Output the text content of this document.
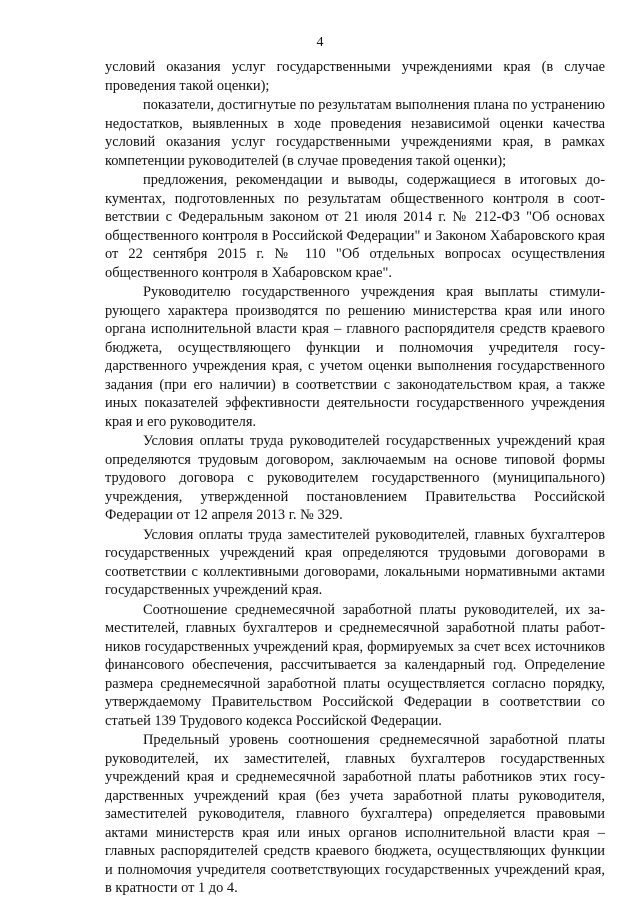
4

условий оказания услуг государственными учреждениями края (в случае проведения такой оценки);

показатели, достигнутые по результатам выполнения плана по устранению недостатков, выявленных в ходе проведения независимой оценки качества условий оказания услуг государственными учреждениями края, в рамках компетенции руководителей (в случае проведения такой оценки);

предложения, рекомендации и выводы, содержащиеся в итоговых документах, подготовленных по результатам общественного контроля в соответствии с Федеральным законом от 21 июля 2014 г. № 212-ФЗ "Об основах общественного контроля в Российской Федерации" и Законом Хабаровского края от 22 сентября 2015 г. № 110 "Об отдельных вопросах осуществления общественного контроля в Хабаровском крае".

Руководителю государственного учреждения края выплаты стимулирующего характера производятся по решению министерства края или иного органа исполнительной власти края – главного распорядителя средств краевого бюджета, осуществляющего функции и полномочия учредителя государственного учреждения края, с учетом оценки выполнения государственного задания (при его наличии) в соответствии с законодательством края, а также иных показателей эффективности деятельности государственного учреждения края и его руководителя.

Условия оплаты труда руководителей государственных учреждений края определяются трудовым договором, заключаемым на основе типовой формы трудового договора с руководителем государственного (муниципального) учреждения, утвержденной постановлением Правительства Российской Федерации от 12 апреля 2013 г. № 329.

Условия оплаты труда заместителей руководителей, главных бухгалтеров государственных учреждений края определяются трудовыми договорами в соответствии с коллективными договорами, локальными нормативными актами государственных учреждений края.

Соотношение среднемесячной заработной платы руководителей, их заместителей, главных бухгалтеров и среднемесячной заработной платы работников государственных учреждений края, формируемых за счет всех источников финансового обеспечения, рассчитывается за календарный год. Определение размера среднемесячной заработной платы осуществляется согласно порядку, утверждаемому Правительством Российской Федерации в соответствии со статьей 139 Трудового кодекса Российской Федерации.

Предельный уровень соотношения среднемесячной заработной платы руководителей, их заместителей, главных бухгалтеров государственных учреждений края и среднемесячной заработной платы работников этих государственных учреждений края (без учета заработной платы руководителя, заместителей руководителя, главного бухгалтера) определяется правовыми актами министерств края или иных органов исполнительной власти края – главных распорядителей средств краевого бюджета, осуществляющих функции и полномочия учредителя соответствующих государственных учреждений края, в кратности от 1 до 4.
